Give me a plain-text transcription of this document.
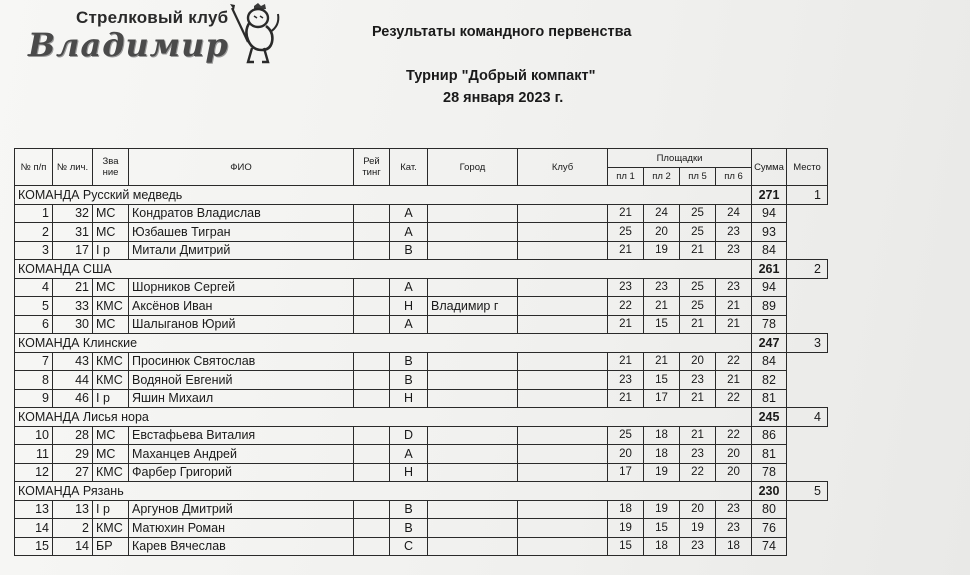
Стрелковый клуб
Владимир	Результаты командного первенства
Турнир "Добрый компакт"
28 января 2023 г.
№ п/п	№ лич.	Зва ние	ФИО	Рей тинг	Кат.	Город	Клуб	Площадки				Сумма	Место
								пл 1	пл 2	пл 5	пл 6		
КОМАНДА Русский медведь												271	1
1	32	МС	Кондратов Владислав		А			21	24	25	24	94	
2	31	МС	Юзбашев Тигран		А			25	20	25	23	93	
3	17	I р	Митали Дмитрий		В			21	19	21	23	84	
КОМАНДА США												261	2
4	21	МС	Шорников Сергей		А			23	23	25	23	94	
5	33	КМС	Аксёнов Иван		Н	Владимир г		22	21	25	21	89	
6	30	МС	Шалыганов Юрий		А			21	15	21	21	78	
КОМАНДА Клинские												247	3
7	43	КМС	Просинюк Святослав		В			21	21	20	22	84	
8	44	КМС	Водяной Евгений		В			23	15	23	21	82	
9	46	I р	Яшин Михаил		Н			21	17	21	22	81	
КОМАНДА Лисья нора												245	4
10	28	МС	Евстафьева Виталия		D			25	18	21	22	86	
11	29	МС	Маханцев Андрей		А			20	18	23	20	81	
12	27	КМС	Фарбер Григорий		Н			17	19	22	20	78	
КОМАНДА Рязань												230	5
13	13	I р	Аргунов Дмитрий		В			18	19	20	23	80	
14	2	КМС	Матюхин Роман		В			19	15	19	23	76	
15	14	БР	Карев Вячеслав		С			15	18	23	18	74	
